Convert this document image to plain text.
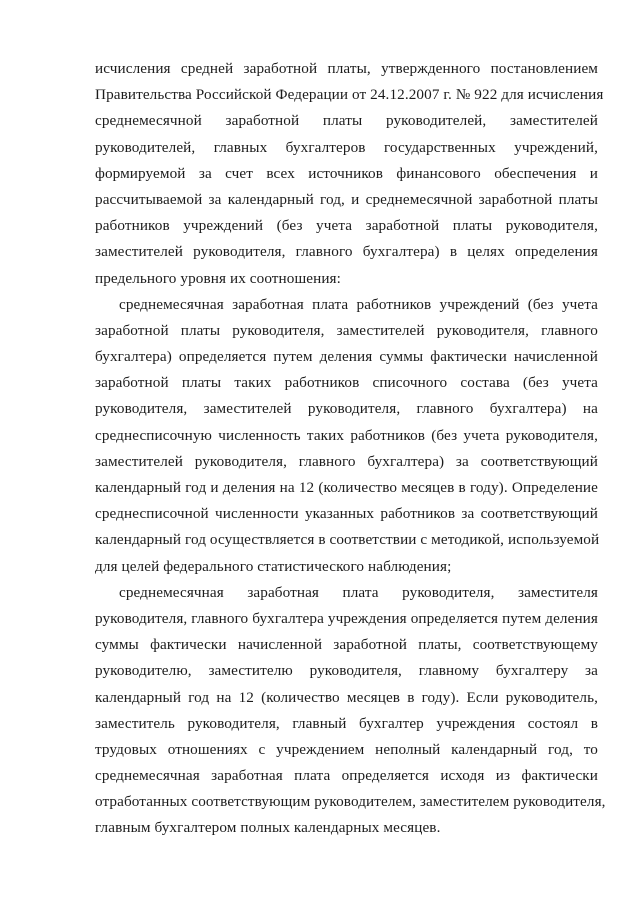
исчисления средней заработной платы, утвержденного постановлением
Правительства Российской Федерации от 24.12.2007 г. № 922 для исчисления
среднемесячной заработной платы руководителей, заместителей
руководителей, главных бухгалтеров государственных учреждений,
формируемой за счет всех источников финансового обеспечения и
рассчитываемой за календарный год, и среднемесячной заработной платы
работников учреждений (без учета заработной платы руководителя,
заместителей руководителя, главного бухгалтера) в целях определения
предельного уровня их соотношения:
среднемесячная заработная плата работников учреждений (без учета
заработной платы руководителя, заместителей руководителя, главного
бухгалтера) определяется путем деления суммы фактически начисленной
заработной платы таких работников списочного состава (без учета
руководителя, заместителей руководителя, главного бухгалтера) на
среднесписочную численность таких работников (без учета руководителя,
заместителей руководителя, главного бухгалтера) за соответствующий
календарный год и деления на 12 (количество месяцев в году). Определение
среднесписочной численности указанных работников за соответствующий
календарный год осуществляется в соответствии с методикой, используемой
для целей федерального статистического наблюдения;
среднемесячная заработная плата руководителя, заместителя
руководителя, главного бухгалтера учреждения определяется путем деления
суммы фактически начисленной заработной платы, соответствующему
руководителю, заместителю руководителя, главному бухгалтеру за
календарный год на 12 (количество месяцев в году). Если руководитель,
заместитель руководителя, главный бухгалтер учреждения состоял в
трудовых отношениях с учреждением неполный календарный год, то
среднемесячная заработная плата определяется исходя из фактически
отработанных соответствующим руководителем, заместителем руководителя,
главным бухгалтером полных календарных месяцев.
